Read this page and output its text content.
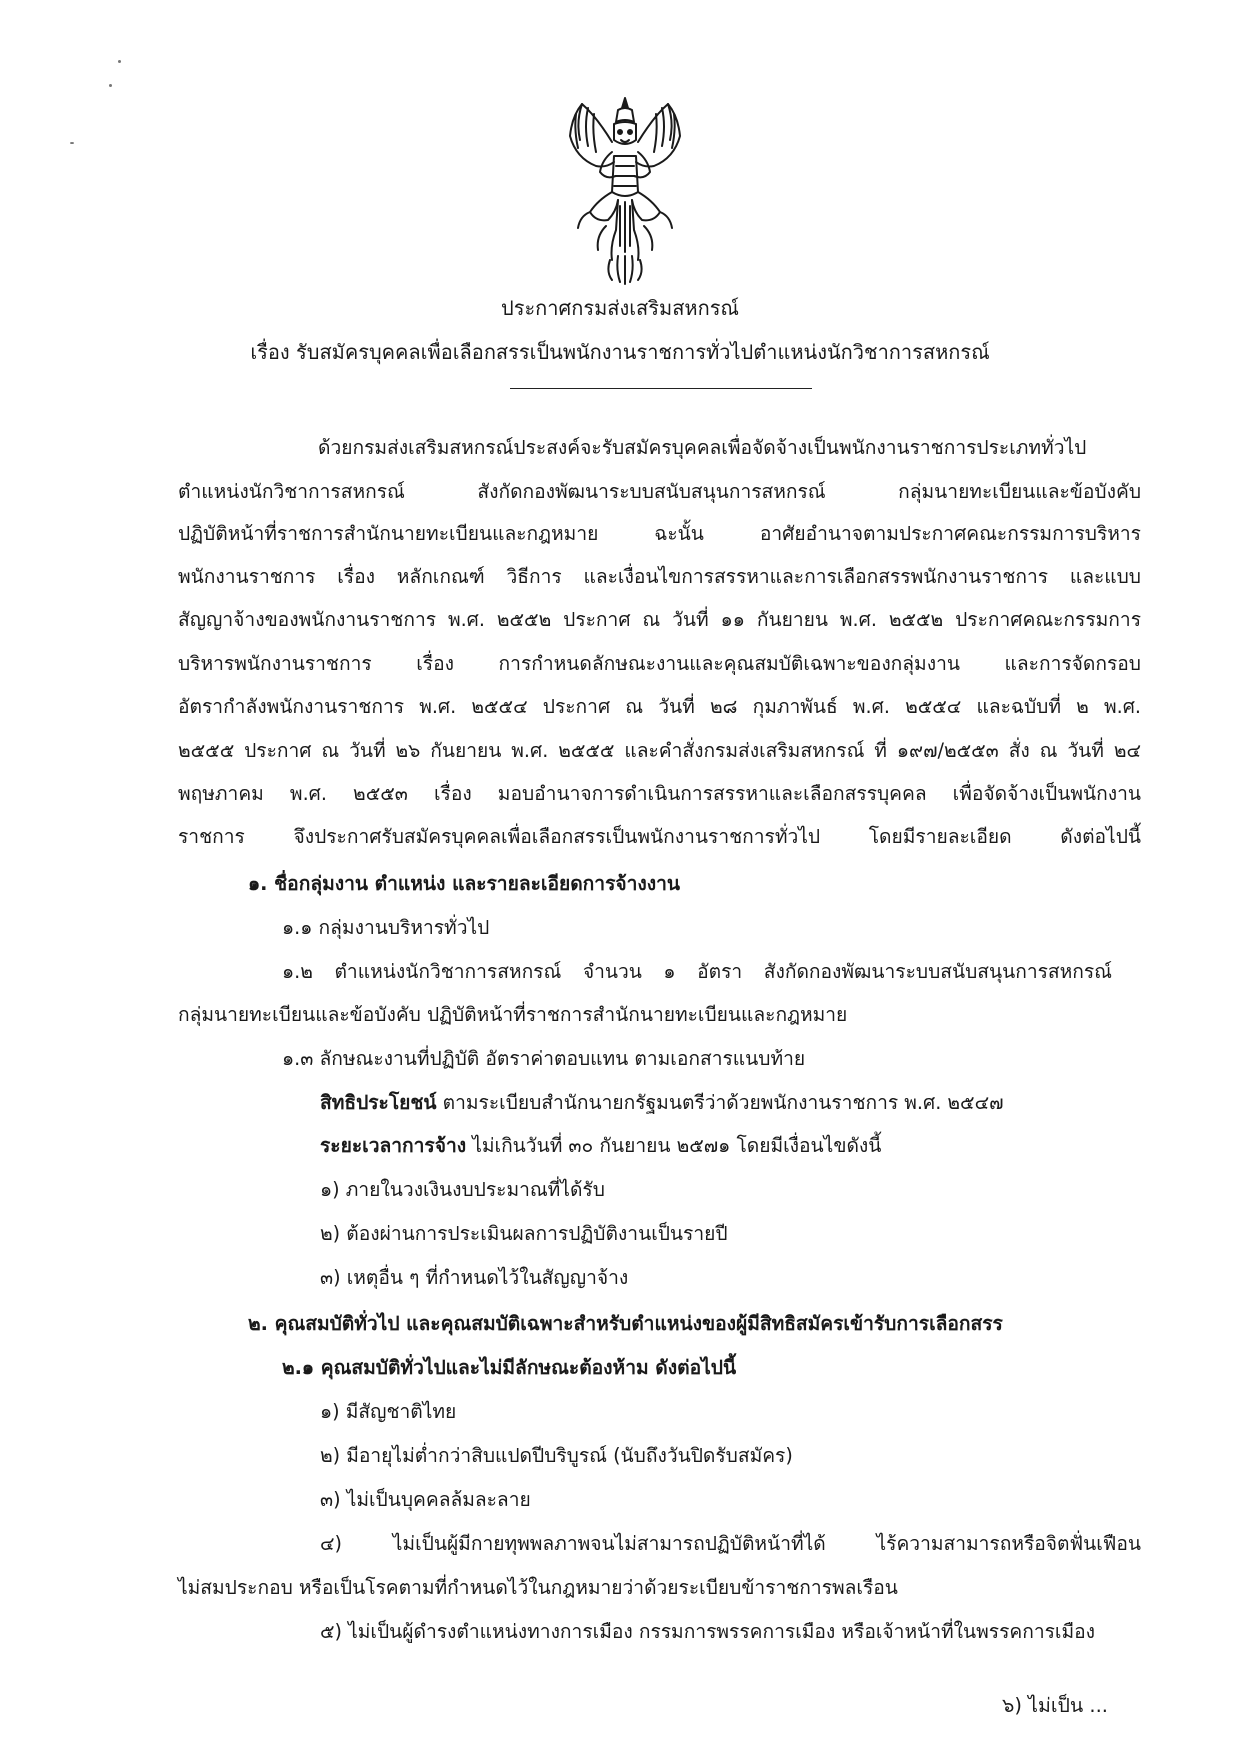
ประกาศกรมส่งเสริมสหกรณ์
เรื่อง รับสมัครบุคคลเพื่อเลือกสรรเป็นพนักงานราชการทั่วไปตำแหน่งนักวิชาการสหกรณ์
ด้วยกรมส่งเสริมสหกรณ์ประสงค์จะรับสมัครบุคคลเพื่อจัดจ้างเป็นพนักงานราชการประเภททั่วไป
ตำแหน่งนักวิชาการสหกรณ์ สังกัดกองพัฒนาระบบสนับสนุนการสหกรณ์ กลุ่มนายทะเบียนและข้อบังคับ
ปฏิบัติหน้าที่ราชการสำนักนายทะเบียนและกฎหมาย ฉะนั้น อาศัยอำนาจตามประกาศคณะกรรมการบริหาร
พนักงานราชการ เรื่อง หลักเกณฑ์ วิธีการ และเงื่อนไขการสรรหาและการเลือกสรรพนักงานราชการ และแบบ
สัญญาจ้างของพนักงานราชการ พ.ศ. ๒๕๕๒ ประกาศ ณ วันที่ ๑๑ กันยายน พ.ศ. ๒๕๕๒ ประกาศคณะกรรมการ
บริหารพนักงานราชการ เรื่อง การกำหนดลักษณะงานและคุณสมบัติเฉพาะของกลุ่มงาน และการจัดกรอบ
อัตรากำลังพนักงานราชการ พ.ศ. ๒๕๕๔ ประกาศ ณ วันที่ ๒๘ กุมภาพันธ์ พ.ศ. ๒๕๕๔ และฉบับที่ ๒ พ.ศ.
๒๕๕๕ ประกาศ ณ วันที่ ๒๖ กันยายน พ.ศ. ๒๕๕๕ และคำสั่งกรมส่งเสริมสหกรณ์ ที่ ๑๙๗/๒๕๕๓ สั่ง ณ วันที่ ๒๔
พฤษภาคม พ.ศ. ๒๕๕๓ เรื่อง มอบอำนาจการดำเนินการสรรหาและเลือกสรรบุคคล เพื่อจัดจ้างเป็นพนักงาน
ราชการ จึงประกาศรับสมัครบุคคลเพื่อเลือกสรรเป็นพนักงานราชการทั่วไป โดยมีรายละเอียด ดังต่อไปนี้
๑. ชื่อกลุ่มงาน ตำแหน่ง และรายละเอียดการจ้างงาน
๑.๑ กลุ่มงานบริหารทั่วไป
๑.๒ ตำแหน่งนักวิชาการสหกรณ์ จำนวน ๑ อัตรา สังกัดกองพัฒนาระบบสนับสนุนการสหกรณ์
กลุ่มนายทะเบียนและข้อบังคับ ปฏิบัติหน้าที่ราชการสำนักนายทะเบียนและกฎหมาย
๑.๓ ลักษณะงานที่ปฏิบัติ อัตราค่าตอบแทน ตามเอกสารแนบท้าย
สิทธิประโยชน์ ตามระเบียบสำนักนายกรัฐมนตรีว่าด้วยพนักงานราชการ พ.ศ. ๒๕๔๗
ระยะเวลาการจ้าง ไม่เกินวันที่ ๓๐ กันยายน ๒๕๗๑ โดยมีเงื่อนไขดังนี้
๑) ภายในวงเงินงบประมาณที่ได้รับ
๒) ต้องผ่านการประเมินผลการปฏิบัติงานเป็นรายปี
๓) เหตุอื่น ๆ ที่กำหนดไว้ในสัญญาจ้าง
๒. คุณสมบัติทั่วไป และคุณสมบัติเฉพาะสำหรับตำแหน่งของผู้มีสิทธิสมัครเข้ารับการเลือกสรร
๒.๑ คุณสมบัติทั่วไปและไม่มีลักษณะต้องห้าม ดังต่อไปนี้
๑) มีสัญชาติไทย
๒) มีอายุไม่ต่ำกว่าสิบแปดปีบริบูรณ์ (นับถึงวันปิดรับสมัคร)
๓) ไม่เป็นบุคคลล้มละลาย
๔) ไม่เป็นผู้มีกายทุพพลภาพจนไม่สามารถปฏิบัติหน้าที่ได้ ไร้ความสามารถหรือจิตฟั่นเฟือน
ไม่สมประกอบ หรือเป็นโรคตามที่กำหนดไว้ในกฎหมายว่าด้วยระเบียบข้าราชการพลเรือน
๕) ไม่เป็นผู้ดำรงตำแหน่งทางการเมือง กรรมการพรรคการเมือง หรือเจ้าหน้าที่ในพรรคการเมือง
๖) ไม่เป็น ...
